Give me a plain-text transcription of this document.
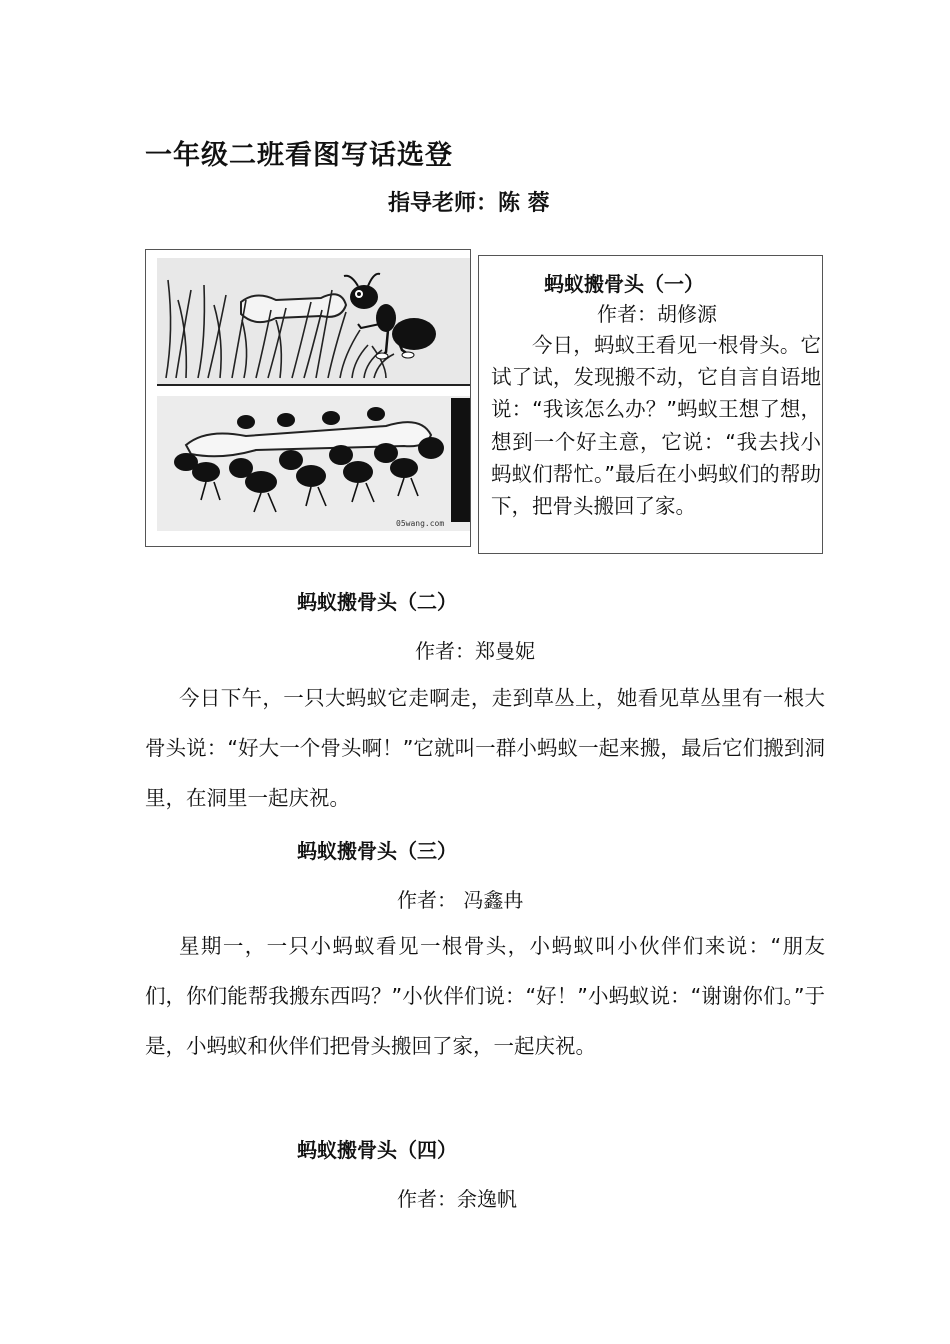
一年级二班看图写话选登
指导老师：陈 蓉
05wang.com
蚂蚁搬骨头（一）
作者：胡修源
今日，蚂蚁王看见一根骨头。它试了试，发现搬不动，它自言自语地说：“我该怎么办？”蚂蚁王想了想，想到一个好主意，它说：“我去找小蚂蚁们帮忙。”最后在小蚂蚁们的帮助下，把骨头搬回了家。
蚂蚁搬骨头（二）
作者：郑曼妮
今日下午，一只大蚂蚁它走啊走，走到草丛上，她看见草丛里有一根大骨头说：“好大一个骨头啊！”它就叫一群小蚂蚁一起来搬，最后它们搬到洞里，在洞里一起庆祝。
蚂蚁搬骨头（三）
作者： 冯鑫冉
星期一，一只小蚂蚁看见一根骨头，小蚂蚁叫小伙伴们来说：“朋友们，你们能帮我搬东西吗？”小伙伴们说：“好！”小蚂蚁说：“谢谢你们。”于是，小蚂蚁和伙伴们把骨头搬回了家，一起庆祝。
蚂蚁搬骨头（四）
作者：余逸帆
